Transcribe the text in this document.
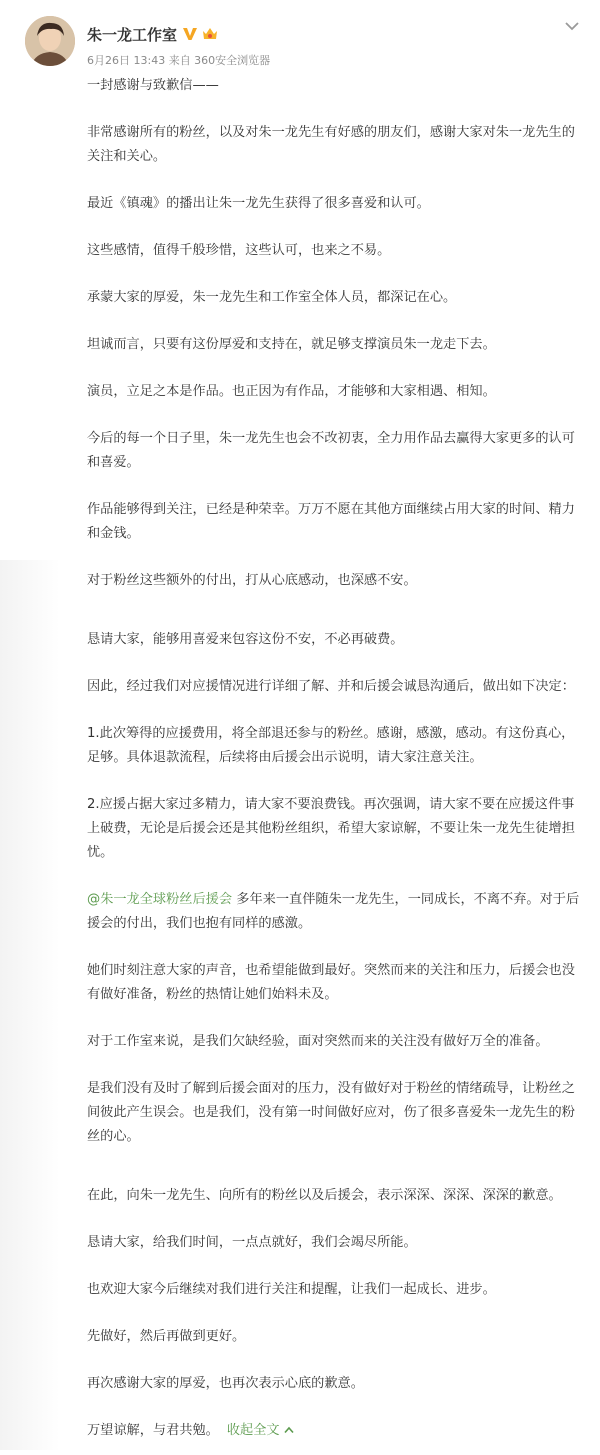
朱一龙工作室
6月26日 13:43 来自 360安全浏览器

一封感谢与致歉信——

非常感谢所有的粉丝，以及对朱一龙先生有好感的朋友们，感谢大家对朱一龙先生的关注和关心。

最近《镇魂》的播出让朱一龙先生获得了很多喜爱和认可。

这些感情，值得千般珍惜，这些认可，也来之不易。

承蒙大家的厚爱，朱一龙先生和工作室全体人员，都深记在心。

坦诚而言，只要有这份厚爱和支持在，就足够支撑演员朱一龙走下去。

演员，立足之本是作品。也正因为有作品，才能够和大家相遇、相知。

今后的每一个日子里，朱一龙先生也会不改初衷，全力用作品去赢得大家更多的认可和喜爱。

作品能够得到关注，已经是种荣幸。万万不愿在其他方面继续占用大家的时间、精力和金钱。

对于粉丝这些额外的付出，打从心底感动，也深感不安。

恳请大家，能够用喜爱来包容这份不安，不必再破费。

因此，经过我们对应援情况进行详细了解、并和后援会诚恳沟通后，做出如下决定：

1.此次筹得的应援费用，将全部退还参与的粉丝。感谢，感激，感动。有这份真心，足够。具体退款流程，后续将由后援会出示说明，请大家注意关注。

2.应援占据大家过多精力，请大家不要浪费钱。再次强调，请大家不要在应援这件事上破费，无论是后援会还是其他粉丝组织，希望大家谅解，不要让朱一龙先生徒增担忧。

@朱一龙全球粉丝后援会 多年来一直伴随朱一龙先生，一同成长，不离不弃。对于后援会的付出，我们也抱有同样的感激。

她们时刻注意大家的声音，也希望能做到最好。突然而来的关注和压力，后援会也没有做好准备，粉丝的热情让她们始料未及。

对于工作室来说，是我们欠缺经验，面对突然而来的关注没有做好万全的准备。

是我们没有及时了解到后援会面对的压力，没有做好对于粉丝的情绪疏导，让粉丝之间彼此产生误会。也是我们，没有第一时间做好应对，伤了很多喜爱朱一龙先生的粉丝的心。

在此，向朱一龙先生、向所有的粉丝以及后援会，表示深深、深深、深深的歉意。

恳请大家，给我们时间，一点点就好，我们会竭尽所能。

也欢迎大家今后继续对我们进行关注和提醒，让我们一起成长、进步。

先做好，然后再做到更好。

再次感谢大家的厚爱，也再次表示心底的歉意。

万望谅解，与君共勉。 收起全文
